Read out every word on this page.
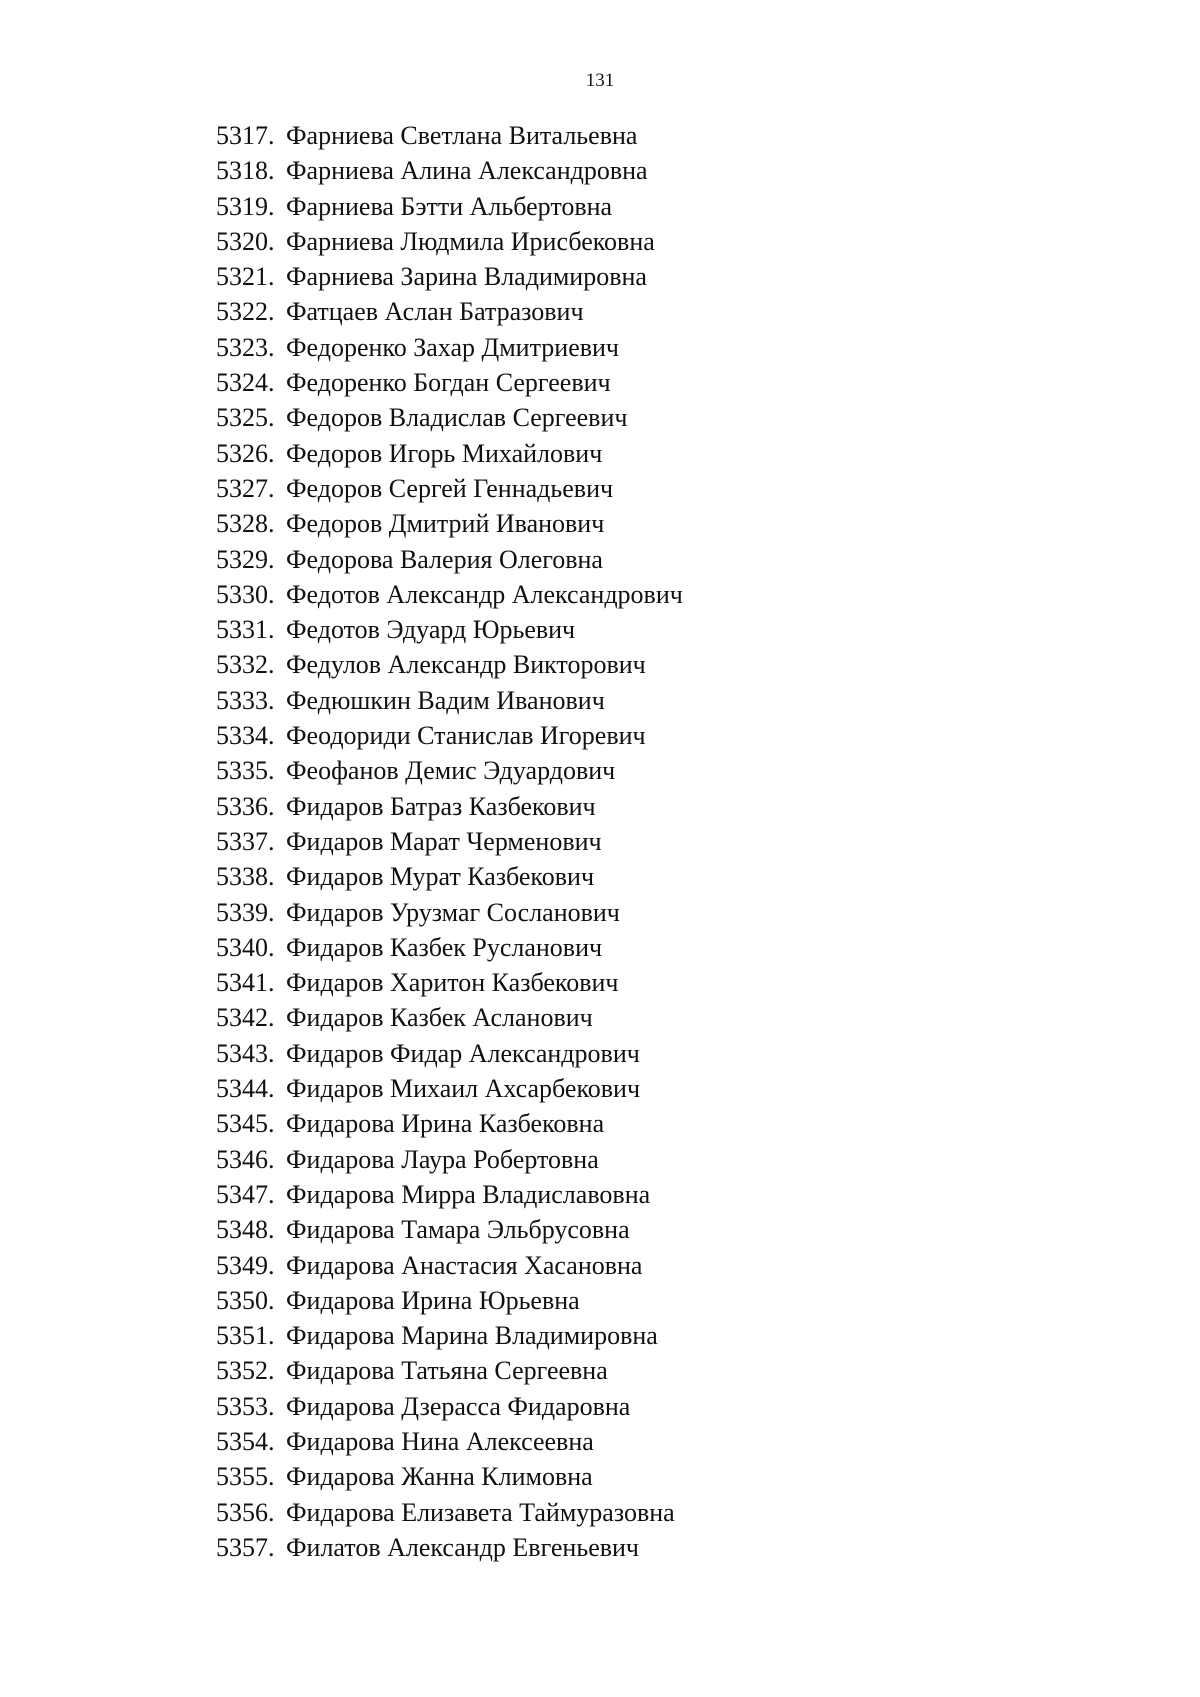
131
5317. Фарниева Светлана Витальевна
5318. Фарниева Алина Александровна
5319. Фарниева Бэтти Альбертовна
5320. Фарниева Людмила Ирисбековна
5321. Фарниева Зарина Владимировна
5322. Фатцаев Аслан Батразович
5323. Федоренко Захар Дмитриевич
5324. Федоренко Богдан Сергеевич
5325. Федоров Владислав Сергеевич
5326. Федоров Игорь Михайлович
5327. Федоров Сергей Геннадьевич
5328. Федоров Дмитрий Иванович
5329. Федорова Валерия Олеговна
5330. Федотов Александр Александрович
5331. Федотов Эдуард Юрьевич
5332. Федулов Александр Викторович
5333. Федюшкин Вадим Иванович
5334. Феодориди Станислав Игоревич
5335. Феофанов Демис Эдуардович
5336. Фидаров Батраз Казбекович
5337. Фидаров Марат Черменович
5338. Фидаров Мурат Казбекович
5339. Фидаров Урузмаг Сосланович
5340. Фидаров Казбек Русланович
5341. Фидаров Харитон Казбекович
5342. Фидаров Казбек Асланович
5343. Фидаров Фидар Александрович
5344. Фидаров Михаил Ахсарбекович
5345. Фидарова Ирина Казбековна
5346. Фидарова Лаура Робертовна
5347. Фидарова Мирра Владиславовна
5348. Фидарова Тамара Эльбрусовна
5349. Фидарова Анастасия Хасановна
5350. Фидарова Ирина Юрьевна
5351. Фидарова Марина Владимировна
5352. Фидарова Татьяна Сергеевна
5353. Фидарова Дзерасса Фидаровна
5354. Фидарова Нина Алексеевна
5355. Фидарова Жанна Климовна
5356. Фидарова Елизавета Таймуразовна
5357. Филатов Александр Евгеньевич
